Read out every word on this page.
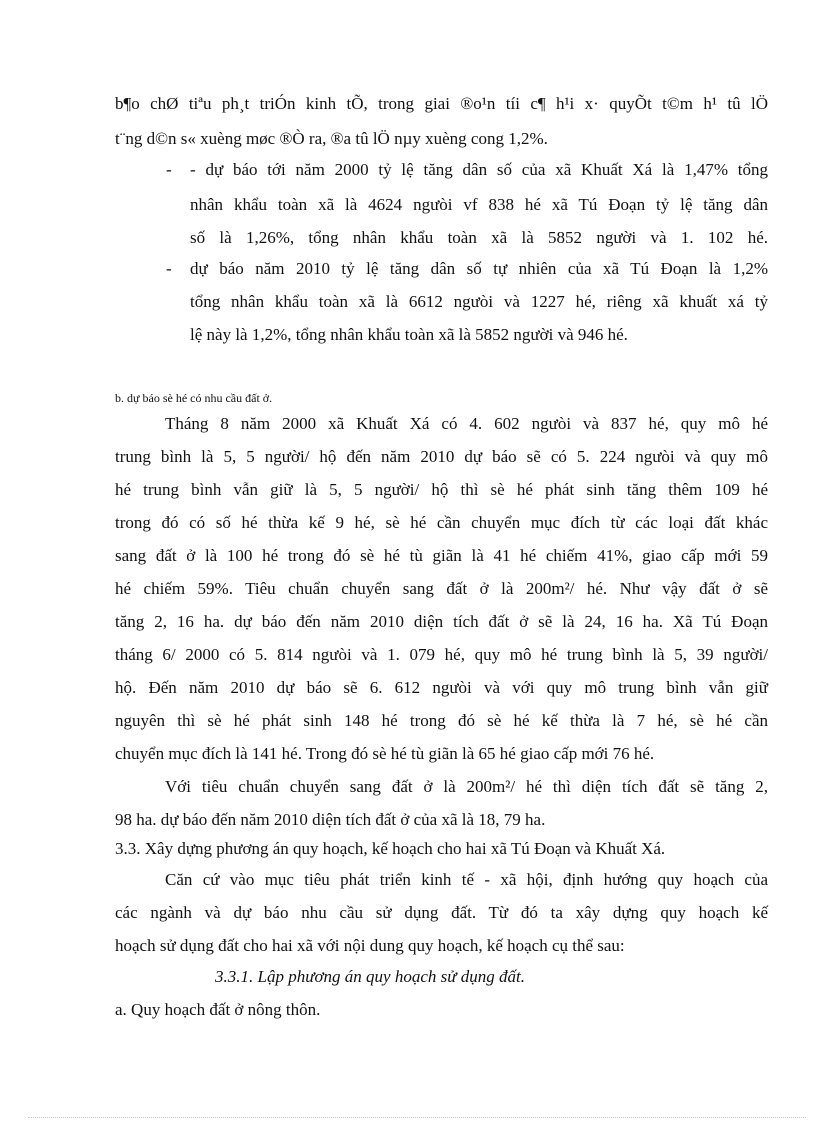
b¶o chØ tiªu ph¸t triÓn kinh tÕ, trong giai ®o¹n tíi c¶ h¹i x· quyÕt t©m h¹ tû lÖ
t¨ng d©n s« xuèng møc ®Ò ra, ®a tû lÖ nµy xuèng cong 1,2%.
- - dự báo tới năm 2000 tỷ lệ tăng dân số của xã Khuất Xá là 1,47% tổng
nhân khẩu toàn xã là 4624 ngưòi vf 838 hé xã Tú Đoạn tỷ lệ tăng dân
số là 1,26%, tổng nhân khẩu toàn xã là 5852 người và 1. 102 hé.
- dự báo năm 2010 tỷ lệ tăng dân số tự nhiên của xã Tú Đoạn là 1,2%
tổng nhân khẩu toàn xã là 6612 ngưòi và 1227 hé, riêng xã khuất xá tỷ
lệ này là 1,2%, tổng nhân khẩu toàn xã là 5852 người và 946 hé.
b. dự báo sè hé có nhu cầu đất ở.
Tháng 8 năm 2000 xã Khuất Xá có 4. 602 ngưòi và 837 hé, quy mô hé
trung bình là 5, 5 người/ hộ đến năm 2010 dự báo sẽ có 5. 224 ngưòi và quy mô
hé trung bình vẫn giữ là 5, 5 người/ hộ thì sè hé phát sinh tăng thêm 109 hé
trong đó có số hé thừa kế 9 hé, sè hé cần chuyển mục đích từ các loại đất khác
sang đất ở là 100 hé trong đó sè hé tù giãn là 41 hé chiếm 41%, giao cấp mới 59
hé chiếm 59%. Tiêu chuẩn chuyển sang đất ở là 200m²/ hé. Như vậy đất ở sẽ
tăng 2, 16 ha. dự báo đến năm 2010 diện tích đất ở sẽ là 24, 16 ha. Xã Tú Đoạn
tháng 6/ 2000 có 5. 814 ngưòi và 1. 079 hé, quy mô hé trung bình là 5, 39 người/
hộ. Đến năm 2010 dự báo sẽ 6. 612 ngưòi và với quy mô trung bình vẫn giữ
nguyên thì sè hé phát sinh 148 hé trong đó sè hé kế thừa là 7 hé, sè hé cần
chuyển mục đích là 141 hé. Trong đó sè hé tù giãn là 65 hé giao cấp mới 76 hé.
Với tiêu chuẩn chuyển sang đất ở là 200m²/ hé thì diện tích đất sẽ tăng 2,
98 ha. dự báo đến năm 2010 diện tích đất ở của xã là 18, 79 ha.
3.3. Xây dựng phương án quy hoạch, kế hoạch cho hai xã Tú Đoạn và Khuất Xá.
Căn cứ vào mục tiêu phát triển kinh tế - xã hội, định hướng quy hoạch của
các ngành và dự báo nhu cầu sử dụng đất. Từ đó ta xây dựng quy hoạch kế
hoạch sử dụng đất cho hai xã với nội dung quy hoạch, kế hoạch cụ thể sau:
3.3.1. Lập phương án quy hoạch sử dụng đất.
a. Quy hoạch đất ở nông thôn.
